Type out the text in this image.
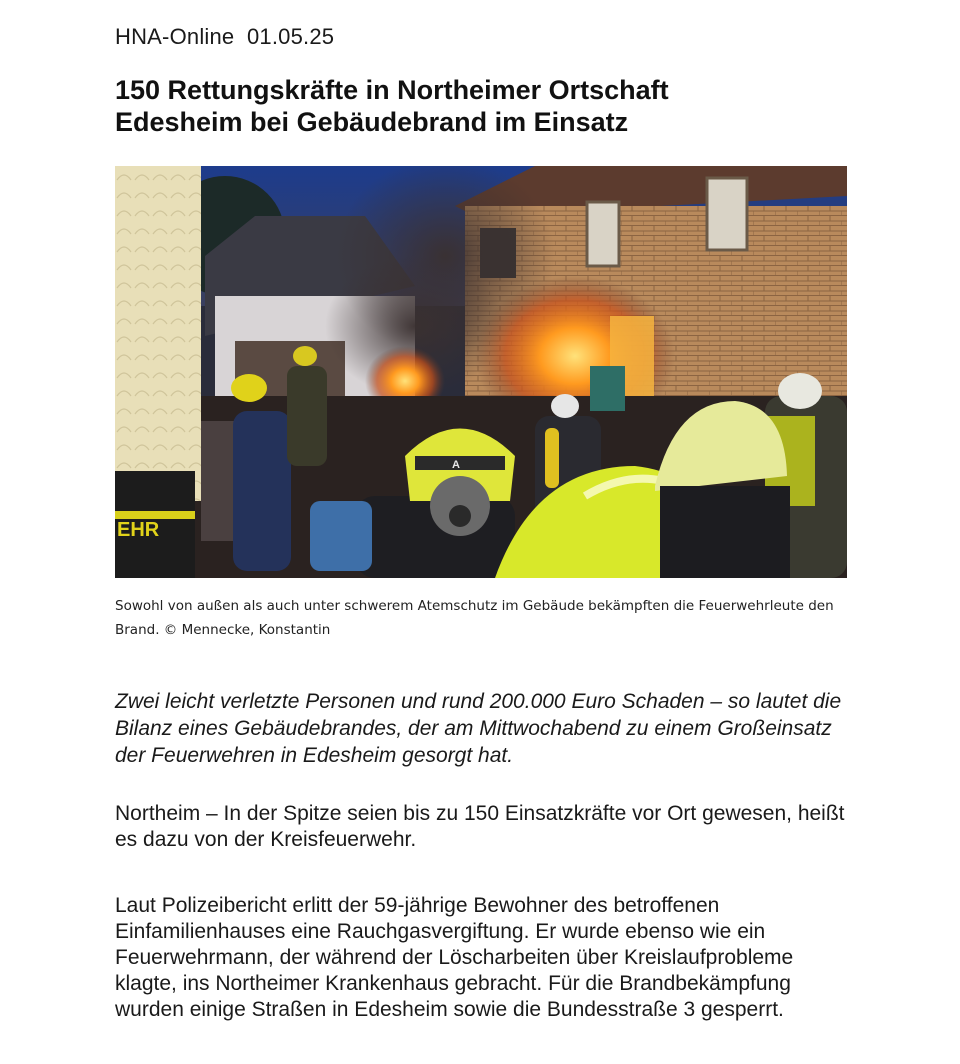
HNA-Online  01.05.25
150 Rettungskräfte in Northeimer Ortschaft
Edesheim bei Gebäudebrand im Einsatz
EHR
A
Sowohl von außen als auch unter schwerem Atemschutz im Gebäude bekämpften die Feuerwehrleute den Brand. © Mennecke, Konstantin

Zwei leicht verletzte Personen und rund 200.000 Euro Schaden – so lautet die Bilanz eines Gebäudebrandes, der am Mittwochabend zu einem Großeinsatz der Feuerwehren in Edesheim gesorgt hat.

Northeim – In der Spitze seien bis zu 150 Einsatzkräfte vor Ort gewesen, heißt es dazu von der Kreisfeuerwehr.

Laut Polizeibericht erlitt der 59-jährige Bewohner des betroffenen Einfamilienhauses eine Rauchgasvergiftung. Er wurde ebenso wie ein Feuerwehrmann, der während der Löscharbeiten über Kreislaufprobleme klagte, ins Northeimer Krankenhaus gebracht. Für die Brandbekämpfung wurden einige Straßen in Edesheim sowie die Bundesstraße 3 gesperrt.
